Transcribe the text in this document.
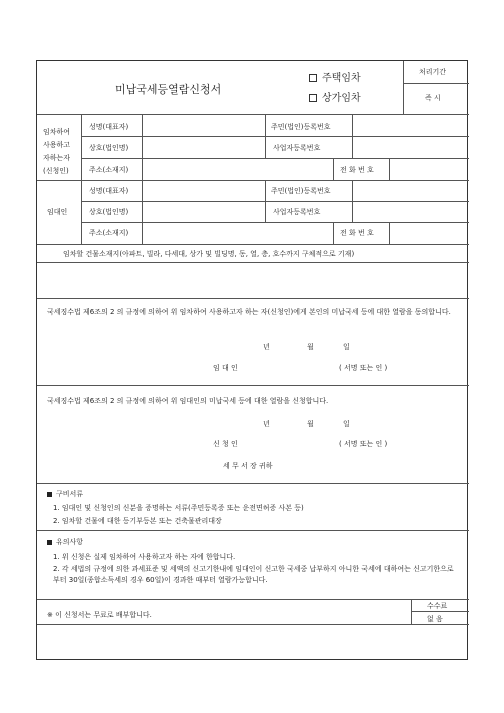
미납국세등열람신청서
주택임차
상가임차
처리기간
즉 시
임차하여
사용하고
자하는자
(신청인)
성명(대표자)	주민(법인)등록번호
상호(법인명)	사업자등록번호
주소(소재지)	전 화 번 호
임대인
성명(대표자)	주민(법인)등록번호
상호(법인명)	사업자등록번호
주소(소재지)	전 화 번 호
임차할 건물소재지(아파트, 빌라, 다세대, 상가 및 빌딩명, 동, 열, 층, 호수까지 구체적으로 기재)
국세징수법 제6조의 2 의 규정에 의하여 위 임차하여 사용하고자 하는 자(신청인)에게 본인의 미납국세 등에 대한 열람을 동의합니다.
년	월	일
임 대 인	( 서명 또는 인 )
국세징수법 제6조의 2 의 규정에 의하여 위 임대인의 미납국세 등에 대한 열람을 신청합니다.
년	월	일
신 청 인	( 서명 또는 인 )
세 무 서 장 귀하
구비서류
1. 임대인 및 신청인의 신분을 증명하는 서류(주민등록증 또는 운전면허증 사본 등)
2. 임차할 건물에 대한 등기부등본 또는 건축물관리대장
유의사항
1. 위 신청은 실제 임차하여 사용하고자 하는 자에 한합니다.
2. 각 세법의 규정에 의한 과세표준 및 세액의 신고기한내에 임대인이 신고한 국세중 납부하지 아니한 국세에 대하여는 신고기한으로부터 30일(종합소득세의 경우 60일)이 경과한 때부터 열람가능합니다.
※ 이 신청서는 무료로 배부합니다.
수수료
없 음
